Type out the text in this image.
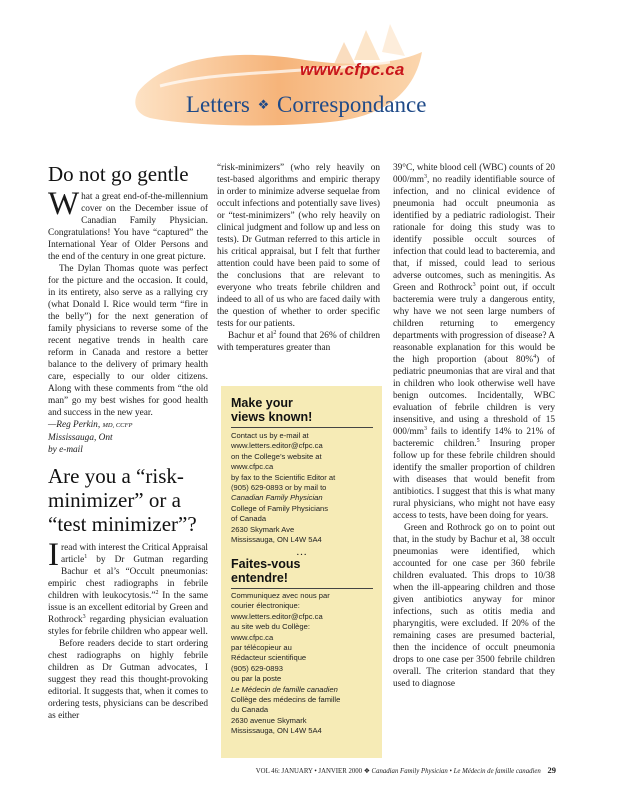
www.cfpc.ca
Letters ❖ Correspondance
Do not go gentle

What a great end-of-the-millennium cover on the December issue of Canadian Family Physician. Congratulations! You have “captured” the International Year of Older Persons and the end of the century in one great picture.

The Dylan Thomas quote was perfect for the picture and the occasion. It could, in its entirety, also serve as a rallying cry (what Donald I. Rice would term “fire in the belly”) for the next generation of family physicians to reverse some of the recent negative trends in health care reform in Canada and restore a better balance to the delivery of primary health care, especially to our older citizens. Along with these comments from “the old man” go my best wishes for good health and success in the new year.

—Reg Perkin, MD, CCFP

Mississauga, Ont

by e-mail

Are you a “risk-minimizer” or a “test minimizer”?

I read with interest the Critical Appraisal article$^1$ by Dr Gutman regarding Bachur et al’s “Occult pneumonias: empiric chest radiographs in febrile children with leukocytosis.”$^2$ In the same issue is an excellent editorial by Green and Rothrock$^3$ regarding physician evaluation styles for febrile children who appear well.

Before readers decide to start ordering chest radiographs on highly febrile children as Dr Gutman advocates, I suggest they read this thought-provoking editorial. It suggests that, when it comes to ordering tests, physicians can be described as either

“risk-minimizers” (who rely heavily on test-based algorithms and empiric therapy in order to minimize adverse sequelae from occult infections and potentially save lives) or “test-minimizers” (who rely heavily on clinical judgment and follow up and less on tests). Dr Gutman referred to this article in his critical appraisal, but I felt that further attention could have been paid to some of the conclusions that are relevant to everyone who treats febrile children and indeed to all of us who are faced daily with the question of whether to order specific tests for our patients.

Bachur et $al^2$ found that 26% of children with temperatures greater than

Make your
views known!
Contact us by e-mail at
www.letters.editor@cfpc.ca
on the College’s website at
www.cfpc.ca
by fax to the Scientific Editor at
(905) 629-0893 or by mail to
Canadian Family Physician
College of Family Physicians
of Canada
2630 Skymark Ave
Mississauga, ON L4W 5A4
…
Faites-vous
entendre!
Communiquez avec nous par
courier électronique:
www.letters.editor@cfpc.ca
au site web du Collège:
www.cfpc.ca
par télécopieur au
Rédacteur scientifique
(905) 629-0893
ou par la poste
Le Médecin de famille canadien
Collège des médecins de famille
du Canada
2630 avenue Skymark
Mississauga, ON L4W 5A4

39°C, white blood cell (WBC) counts of 20 $000/mm^3$, no readily identifiable source of infection, and no clinical evidence of pneumonia had occult pneumonia as identified by a pediatric radiologist. Their rationale for doing this study was to identify possible occult sources of infection that could lead to bacteremia, and that, if missed, could lead to serious adverse outcomes, such as meningitis. As Green and Rothrock$^3$ point out, if occult bacteremia were truly a dangerous entity, why have we not seen large numbers of children returning to emergency departments with progression of disease? A reasonable explanation for this would be the high proportion (about 80%$^4$) of pediatric pneumonias that are viral and that in children who look otherwise well have benign outcomes. Incidentally, WBC evaluation of febrile children is very insensitive, and using a threshold of 15 $000/mm^3$ fails to identify 14% to 21% of bacteremic children.$^5$ Insuring proper follow up for these febrile children should identify the smaller proportion of children with diseases that would benefit from antibiotics. I suggest that this is what many rural physicians, who might not have easy access to tests, have been doing for years.

Green and Rothrock go on to point out that, in the study by Bachur et al, 38 occult pneumonias were identified, which accounted for one case per 360 febrile children evaluated. This drops to 10/38 when the ill-appearing children and those given antibiotics anyway for minor infections, such as otitis media and pharyngitis, were excluded. If 20% of the remaining cases are presumed bacterial, then the incidence of occult pneumonia drops to one case per 3500 febrile children overall. The criterion standard that they used to diagnose

VOL 46: JANUARY • JANVIER 2000 ❖ Canadian Family Physician • Le Médecin de famille canadien 29
